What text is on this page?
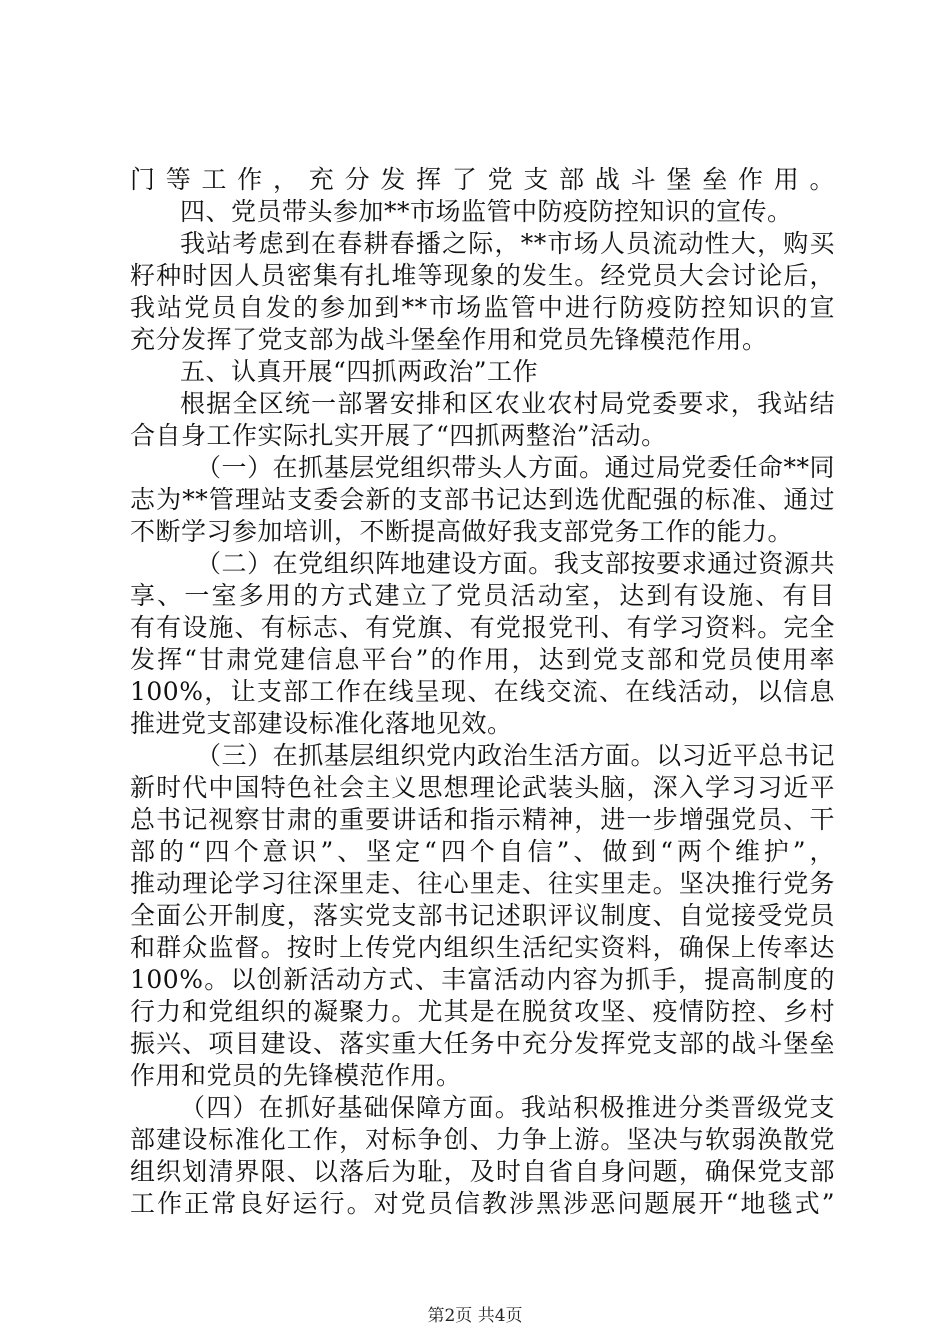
门等工作，充分发挥了党支部战斗堡垒作用。
四、党员带头参加**市场监管中防疫防控知识的宣传。
我站考虑到在春耕春播之际，**市场人员流动性大，购买
籽种时因人员密集有扎堆等现象的发生。经党员大会讨论后，
我站党员自发的参加到**市场监管中进行防疫防控知识的宣
充分发挥了党支部为战斗堡垒作用和党员先锋模范作用。
五、认真开展“四抓两政治”工作
根据全区统一部署安排和区农业农村局党委要求，我站结
合自身工作实际扎实开展了“四抓两整治”活动。
（一）在抓基层党组织带头人方面。通过局党委任命**同
志为**管理站支委会新的支部书记达到选优配强的标准、通过
不断学习参加培训，不断提高做好我支部党务工作的能力。
（二）在党组织阵地建设方面。我支部按要求通过资源共
享、一室多用的方式建立了党员活动室，达到有设施、有目
有有设施、有标志、有党旗、有党报党刊、有学习资料。完全
发挥“甘肃党建信息平台”的作用，达到党支部和党员使用率
100%，让支部工作在线呈现、在线交流、在线活动，以信息
推进党支部建设标准化落地见效。
（三）在抓基层组织党内政治生活方面。以习近平总书记
新时代中国特色社会主义思想理论武装头脑，深入学习习近平
总书记视察甘肃的重要讲话和指示精神，进一步增强党员、干
部的“四个意识”、坚定“四个自信”、做到“两个维护”，
推动理论学习往深里走、往心里走、往实里走。坚决推行党务
全面公开制度，落实党支部书记述职评议制度、自觉接受党员
和群众监督。按时上传党内组织生活纪实资料，确保上传率达
100%。以创新活动方式、丰富活动内容为抓手，提高制度的
行力和党组织的凝聚力。尤其是在脱贫攻坚、疫情防控、乡村
振兴、项目建设、落实重大任务中充分发挥党支部的战斗堡垒
作用和党员的先锋模范作用。
（四）在抓好基础保障方面。我站积极推进分类晋级党支
部建设标准化工作，对标争创、力争上游。坚决与软弱涣散党
组织划清界限、以落后为耻，及时自省自身问题，确保党支部
工作正常良好运行。对党员信教涉黑涉恶问题展开“地毯式”
第2页 共4页
